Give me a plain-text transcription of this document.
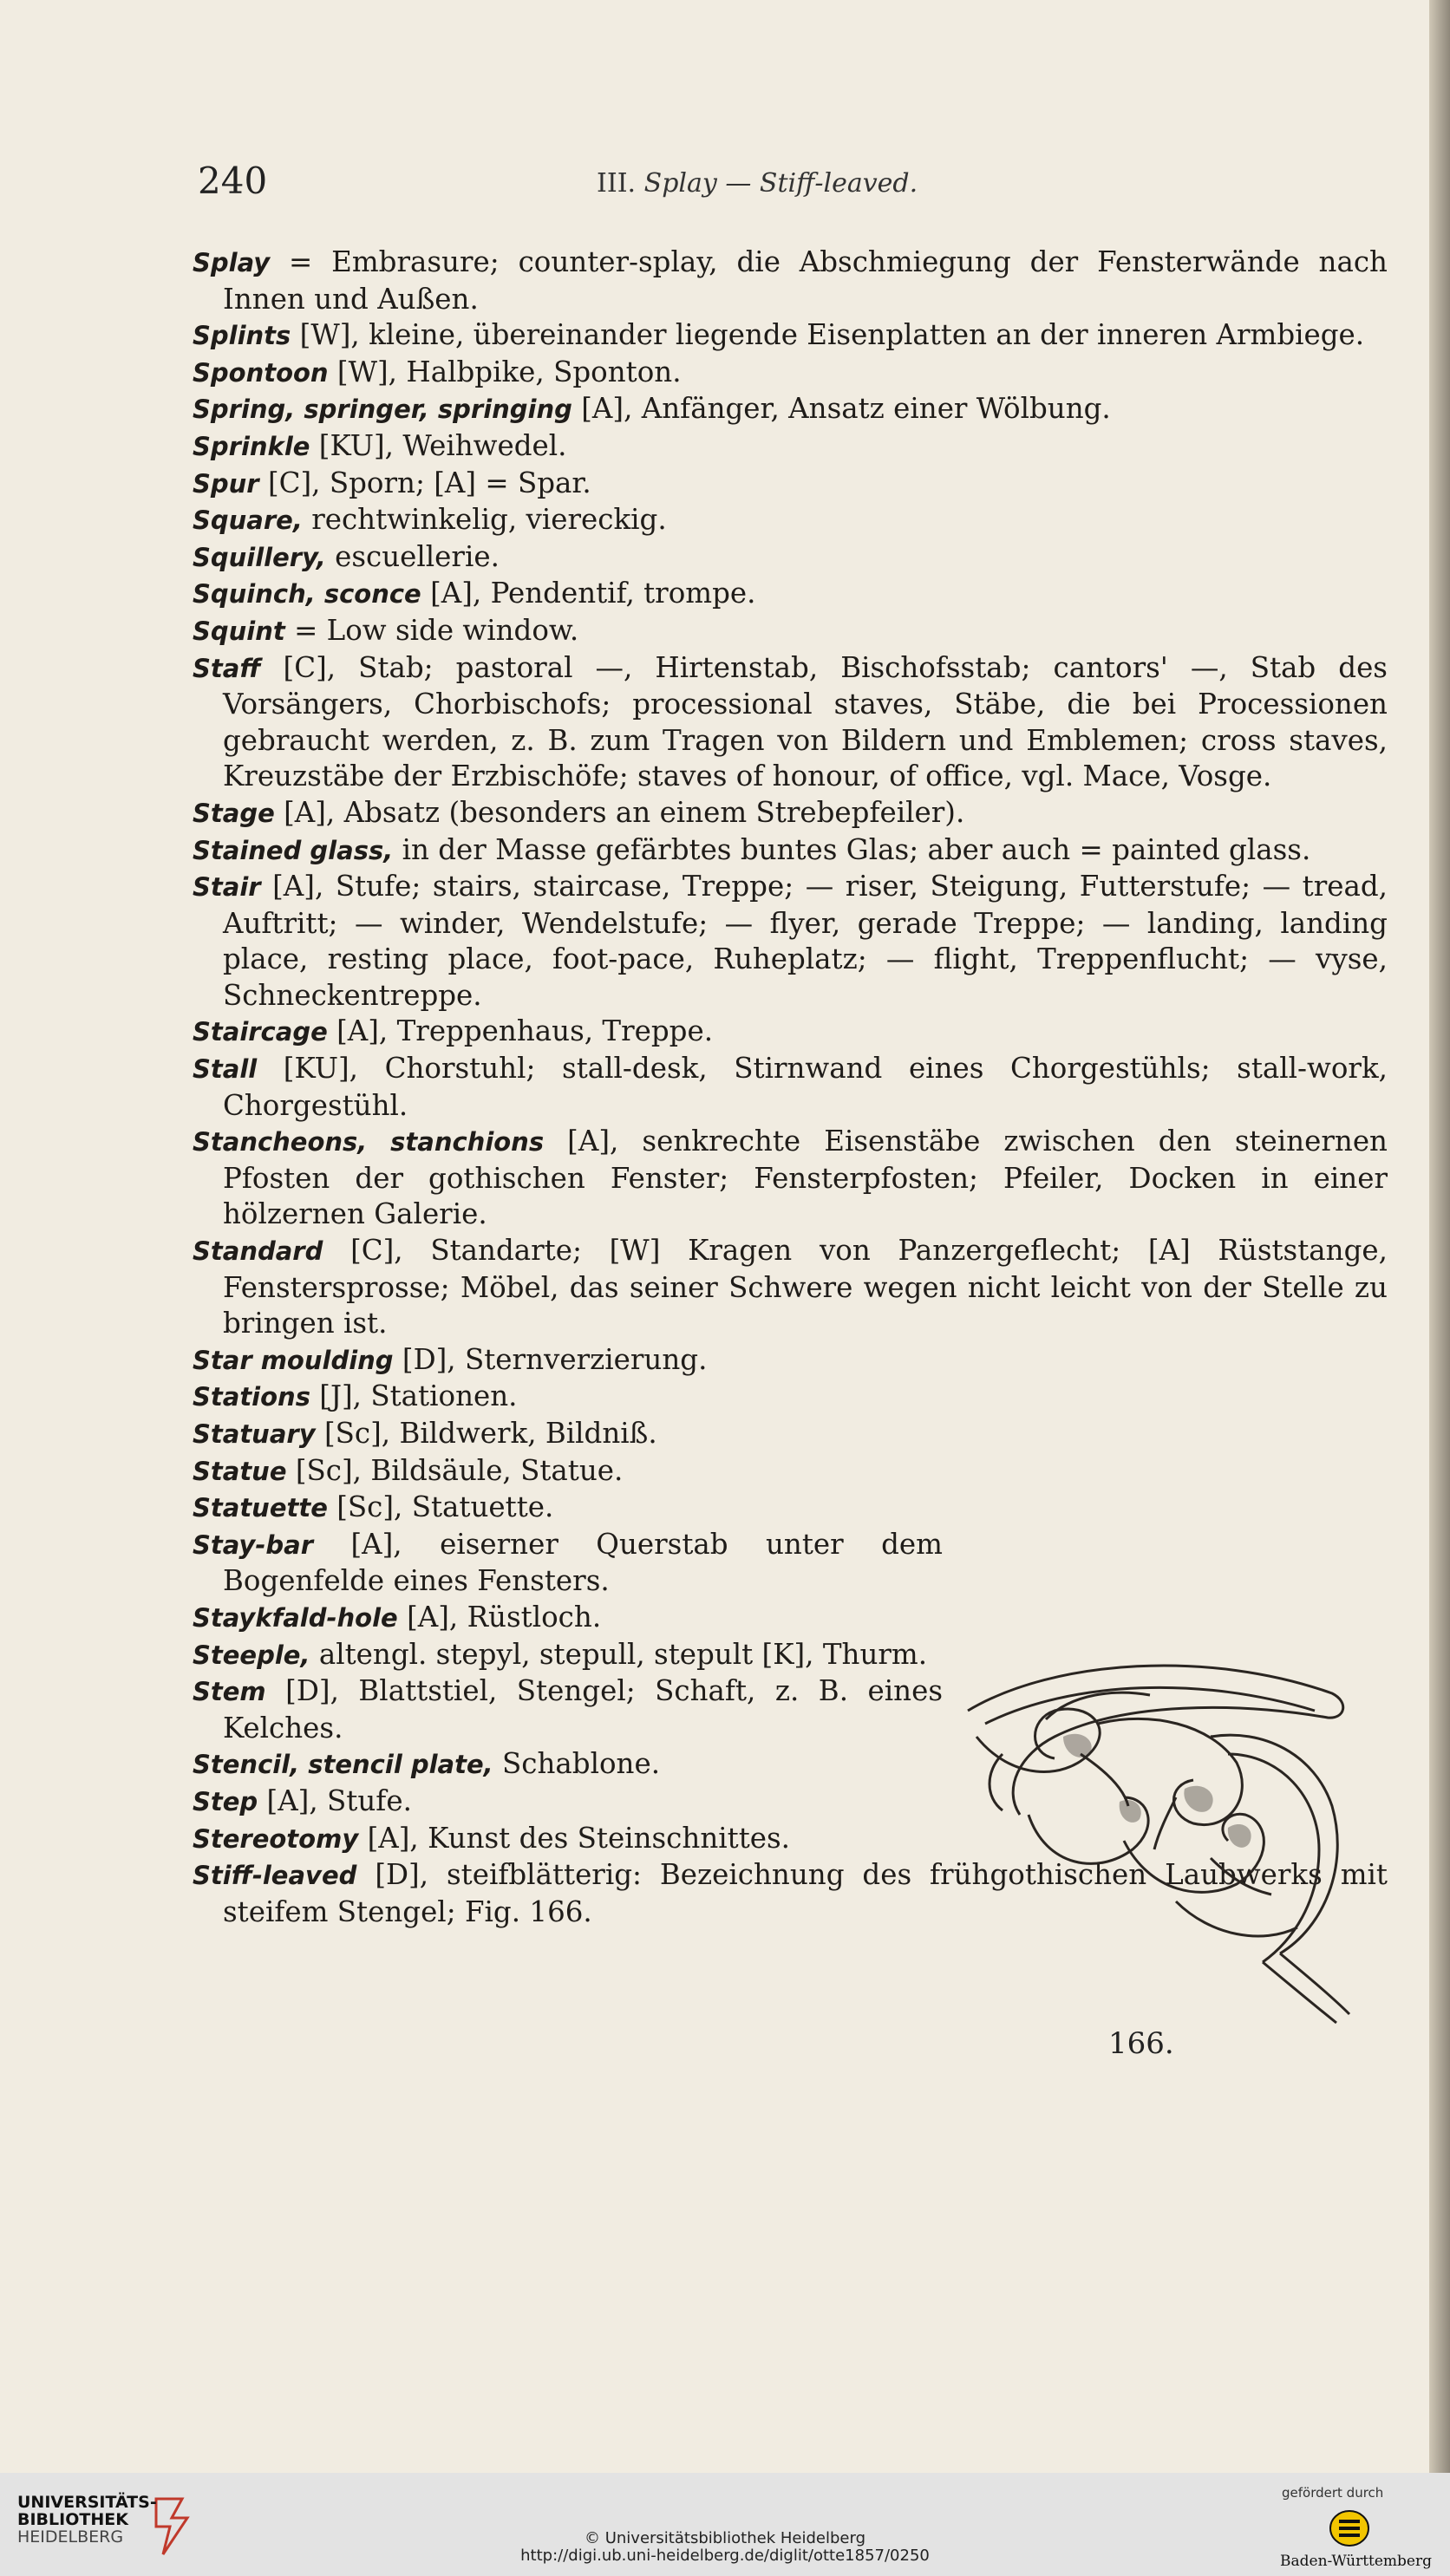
240	III. Splay — Stiff-leaved.
Splay = Embrasure; counter-splay, die Abschmiegung der Fensterwände nach Innen und Außen.
Splints [W], kleine, übereinander liegende Eisenplatten an der inneren Armbiege.
Spontoon [W], Halbpike, Sponton.
Spring, springer, springing [A], Anfänger, Ansatz einer Wölbung.
Sprinkle [KU], Weihwedel.
Spur [C], Sporn; [A] = Spar.
Square, rechtwinkelig, viereckig.
Squillery, escuellerie.
Squinch, sconce [A], Pendentif, trompe.
Squint = Low side window.
Staff [C], Stab; pastoral —, Hirtenstab, Bischofsstab; cantors' —, Stab des Vorsängers, Chorbischofs; processional staves, Stäbe, die bei Processionen gebraucht werden, z. B. zum Tragen von Bildern und Emblemen; cross staves, Kreuzstäbe der Erzbischöfe; staves of honour, of office, vgl. Mace, Vosge.
Stage [A], Absatz (besonders an einem Strebepfeiler).
Stained glass, in der Masse gefärbtes buntes Glas; aber auch = painted glass.
Stair [A], Stufe; stairs, staircase, Treppe; — riser, Steigung, Futterstufe; — tread, Auftritt; — winder, Wendelstufe; — flyer, gerade Treppe; — landing, landing place, resting place, foot-pace, Ruheplatz; — flight, Treppenflucht; — vyse, Schneckentreppe.
Staircage [A], Treppenhaus, Treppe.
Stall [KU], Chorstuhl; stall-desk, Stirnwand eines Chorgestühls; stall-work, Chorgestühl.
Stancheons, stanchions [A], senkrechte Eisenstäbe zwischen den steinernen Pfosten der gothischen Fenster; Fensterpfosten; Pfeiler, Docken in einer hölzernen Galerie.
Standard [C], Standarte; [W] Kragen von Panzergeflecht; [A] Rüststange, Fenstersprosse; Möbel, das seiner Schwere wegen nicht leicht von der Stelle zu bringen ist.
Star moulding [D], Sternverzierung.
Stations [J], Stationen.
Statuary [Sc], Bildwerk, Bildniß.
Statue [Sc], Bildsäule, Statue.
Statuette [Sc], Statuette.
Stay-bar [A], eiserner Querstab unter dem Bogenfelde eines Fensters.
Staykfald-hole [A], Rüstloch.
Steeple, altengl. stepyl, stepull, stepult [K], Thurm.
Stem [D], Blattstiel, Stengel; Schaft, z. B. eines Kelches.
Stencil, stencil plate, Schablone.
Step [A], Stufe.
Stereotomy [A], Kunst des Steinschnittes.
Stiff-leaved [D], steifblätterig: Bezeichnung des frühgothischen Laubwerks mit steifem Stengel; Fig. 166.
166.
UNIVERSITÄTS-
BIBLIOTHEK
HEIDELBERG	© Universitätsbibliothek Heidelberg
http://digi.ub.uni-heidelberg.de/diglit/otte1857/0250
gefördert durch
Baden-Württemberg
